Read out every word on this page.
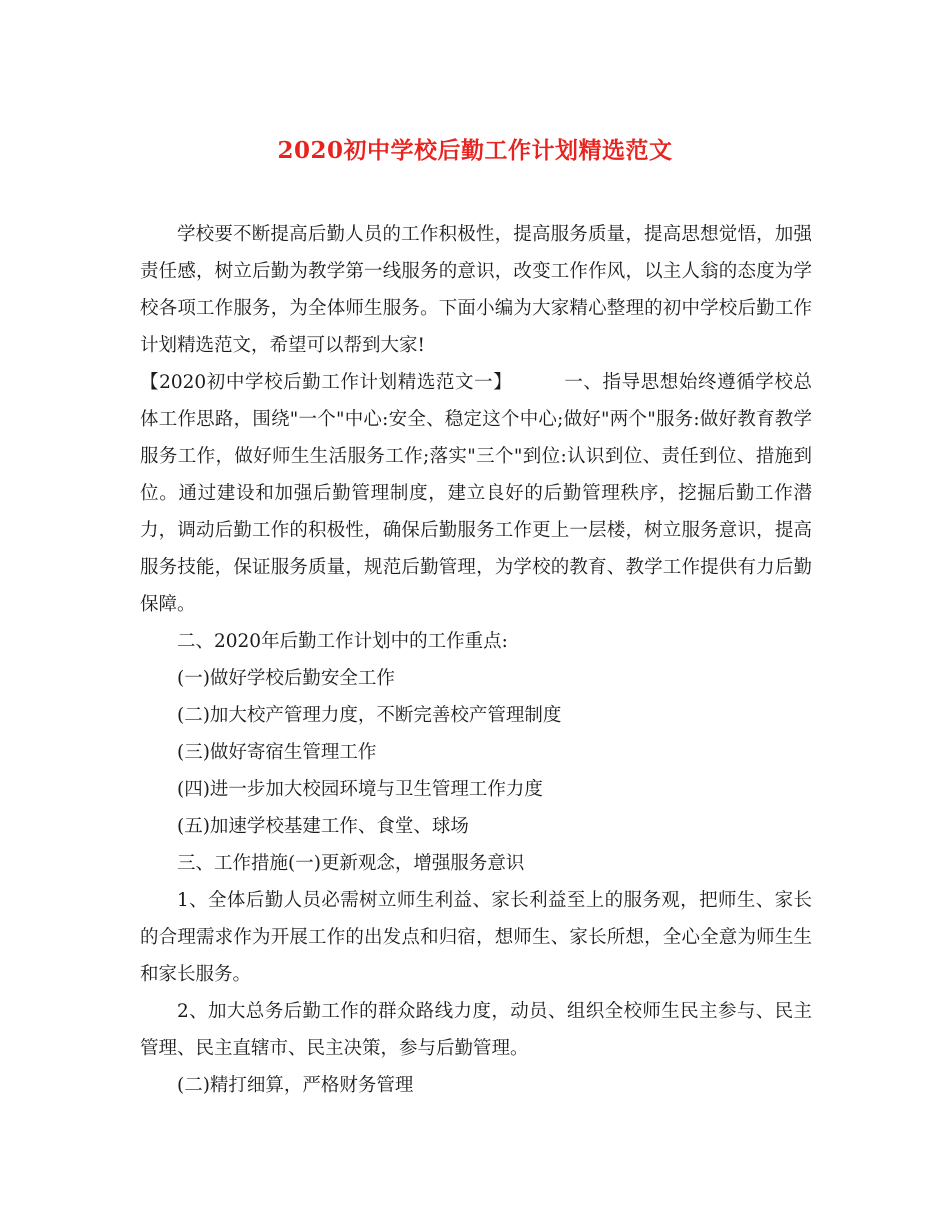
2020初中学校后勤工作计划精选范文

学校要不断提高后勤人员的工作积极性，提高服务质量，提高思想觉悟，加强责任感，树立后勤为教学第一线服务的意识，改变工作作风，以主人翁的态度为学校各项工作服务，为全体师生服务。下面小编为大家精心整理的初中学校后勤工作计划精选范文，希望可以帮到大家!

【2020初中学校后勤工作计划精选范文一】	一、指导思想始终遵循学校总体工作思路，围绕"一个"中心:安全、稳定这个中心;做好"两个"服务:做好教育教学服务工作，做好师生生活服务工作;落实"三个"到位:认识到位、责任到位、措施到位。通过建设和加强后勤管理制度，建立良好的后勤管理秩序，挖掘后勤工作潜力，调动后勤工作的积极性，确保后勤服务工作更上一层楼，树立服务意识，提高服务技能，保证服务质量，规范后勤管理，为学校的教育、教学工作提供有力后勤保障。

二、2020年后勤工作计划中的工作重点:

(一)做好学校后勤安全工作

(二)加大校产管理力度，不断完善校产管理制度

(三)做好寄宿生管理工作

(四)进一步加大校园环境与卫生管理工作力度

(五)加速学校基建工作、食堂、球场

三、工作措施(一)更新观念，增强服务意识

1、全体后勤人员必需树立师生利益、家长利益至上的服务观，把师生、家长的合理需求作为开展工作的出发点和归宿，想师生、家长所想，全心全意为师生生和家长服务。

2、加大总务后勤工作的群众路线力度，动员、组织全校师生民主参与、民主管理、民主直辖市、民主决策，参与后勤管理。

(二)精打细算，严格财务管理
